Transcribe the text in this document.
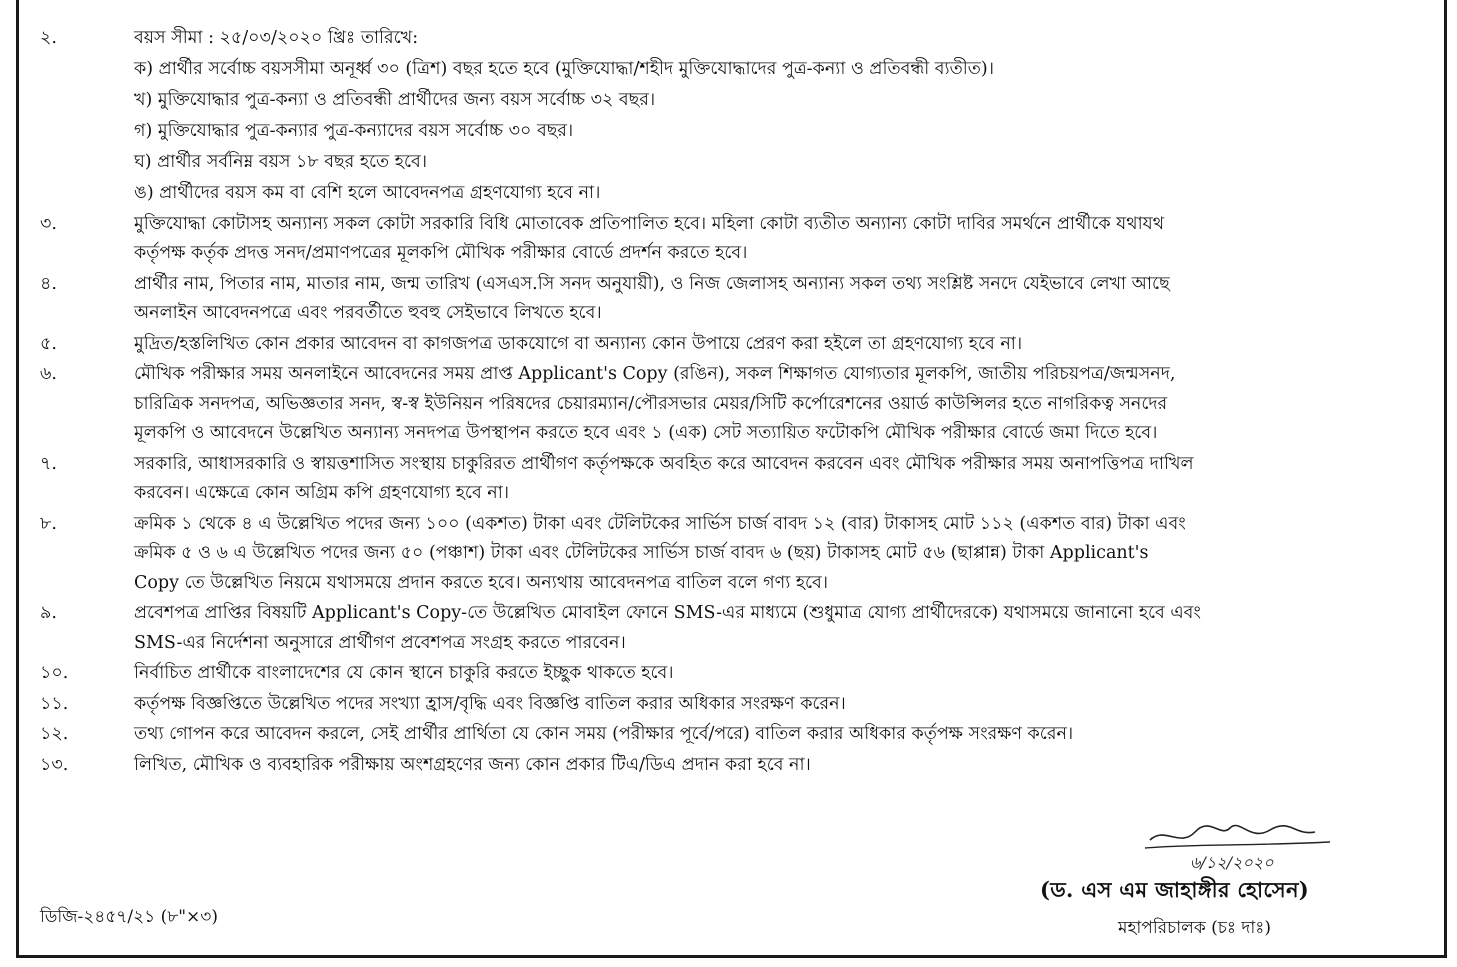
২.	বয়স সীমা : ২৫/০৩/২০২০ খ্রিঃ তারিখে:
ক) প্রার্থীর সর্বোচ্চ বয়সসীমা অনূর্ধ্ব ৩০ (ত্রিশ) বছর হতে হবে (মুক্তিযোদ্ধা/শহীদ মুক্তিযোদ্ধাদের পুত্র-কন্যা ও প্রতিবন্ধী ব্যতীত)।
খ) মুক্তিযোদ্ধার পুত্র-কন্যা ও প্রতিবন্ধী প্রার্থীদের জন্য বয়স সর্বোচ্চ ৩২ বছর।
গ) মুক্তিযোদ্ধার পুত্র-কন্যার পুত্র-কন্যাদের বয়স সর্বোচ্চ ৩০ বছর।
ঘ) প্রার্থীর সর্বনিম্ন বয়স ১৮ বছর হতে হবে।
ঙ) প্রার্থীদের বয়স কম বা বেশি হলে আবেদনপত্র গ্রহণযোগ্য হবে না।
৩.	মুক্তিযোদ্ধা কোটাসহ অন্যান্য সকল কোটা সরকারি বিধি মোতাবেক প্রতিপালিত হবে। মহিলা কোটা ব্যতীত অন্যান্য কোটা দাবির সমর্থনে প্রার্থীকে যথাযথ
কর্তৃপক্ষ কর্তৃক প্রদত্ত সনদ/প্রমাণপত্রের মূলকপি মৌখিক পরীক্ষার বোর্ডে প্রদর্শন করতে হবে।
৪.	প্রার্থীর নাম, পিতার নাম, মাতার নাম, জন্ম তারিখ (এসএস.সি সনদ অনুযায়ী), ও নিজ জেলাসহ অন্যান্য সকল তথ্য সংশ্লিষ্ট সনদে যেইভাবে লেখা আছে
অনলাইন আবেদনপত্রে এবং পরবর্তীতে হুবহু সেইভাবে লিখতে হবে।
৫.	মুদ্রিত/হস্তলিখিত কোন প্রকার আবেদন বা কাগজপত্র ডাকযোগে বা অন্যান্য কোন উপায়ে প্রেরণ করা হইলে তা গ্রহণযোগ্য হবে না।
৬.	মৌখিক পরীক্ষার সময় অনলাইনে আবেদনের সময় প্রাপ্ত Applicant's Copy (রঙিন), সকল শিক্ষাগত যোগ্যতার মূলকপি, জাতীয় পরিচয়পত্র/জন্মসনদ,
চারিত্রিক সনদপত্র, অভিজ্ঞতার সনদ, স্ব-স্ব ইউনিয়ন পরিষদের চেয়ারম্যান/পৌরসভার মেয়র/সিটি কর্পোরেশনের ওয়ার্ড কাউন্সিলর হতে নাগরিকত্ব সনদের
মূলকপি ও আবেদনে উল্লেখিত অন্যান্য সনদপত্র উপস্থাপন করতে হবে এবং ১ (এক) সেট সত্যায়িত ফটোকপি মৌখিক পরীক্ষার বোর্ডে জমা দিতে হবে।
৭.	সরকারি, আধাসরকারি ও স্বায়ত্তশাসিত সংস্থায় চাকুরিরত প্রার্থীগণ কর্তৃপক্ষকে অবহিত করে আবেদন করবেন এবং মৌখিক পরীক্ষার সময় অনাপত্তিপত্র দাখিল
করবেন। এক্ষেত্রে কোন অগ্রিম কপি গ্রহণযোগ্য হবে না।
৮.	ক্রমিক ১ থেকে ৪ এ উল্লেখিত পদের জন্য ১০০ (একশত) টাকা এবং টেলিটকের সার্ভিস চার্জ বাবদ ১২ (বার) টাকাসহ মোট ১১২ (একশত বার) টাকা এবং
ক্রমিক ৫ ও ৬ এ উল্লেখিত পদের জন্য ৫০ (পঞ্চাশ) টাকা এবং টেলিটকের সার্ভিস চার্জ বাবদ ৬ (ছয়) টাকাসহ মোট ৫৬ (ছাপ্পান্ন) টাকা Applicant's
Copy তে উল্লেখিত নিয়মে যথাসময়ে প্রদান করতে হবে। অন্যথায় আবেদনপত্র বাতিল বলে গণ্য হবে।
৯.	প্রবেশপত্র প্রাপ্তির বিষয়টি Applicant's Copy-তে উল্লেখিত মোবাইল ফোনে SMS-এর মাধ্যমে (শুধুমাত্র যোগ্য প্রার্থীদেরকে) যথাসময়ে জানানো হবে এবং
SMS-এর নির্দেশনা অনুসারে প্রার্থীগণ প্রবেশপত্র সংগ্রহ করতে পারবেন।
১০.	নির্বাচিত প্রার্থীকে বাংলাদেশের যে কোন স্থানে চাকুরি করতে ইচ্ছুক থাকতে হবে।
১১.	কর্তৃপক্ষ বিজ্ঞপ্তিতে উল্লেখিত পদের সংখ্যা হ্রাস/বৃদ্ধি এবং বিজ্ঞপ্তি বাতিল করার অধিকার সংরক্ষণ করেন।
১২.	তথ্য গোপন করে আবেদন করলে, সেই প্রার্থীর প্রার্থিতা যে কোন সময় (পরীক্ষার পূর্বে/পরে) বাতিল করার অধিকার কর্তৃপক্ষ সংরক্ষণ করেন।
১৩.	লিখিত, মৌখিক ও ব্যবহারিক পরীক্ষায় অংশগ্রহণের জন্য কোন প্রকার টিএ/ডিএ প্রদান করা হবে না।
৬/১২/২০২০
(ড. এস এম জাহাঙ্গীর হোসেন)
মহাপরিচালক (চঃ দাঃ)
ডিজি-২৪৫৭/২১ (৮"×৩)
